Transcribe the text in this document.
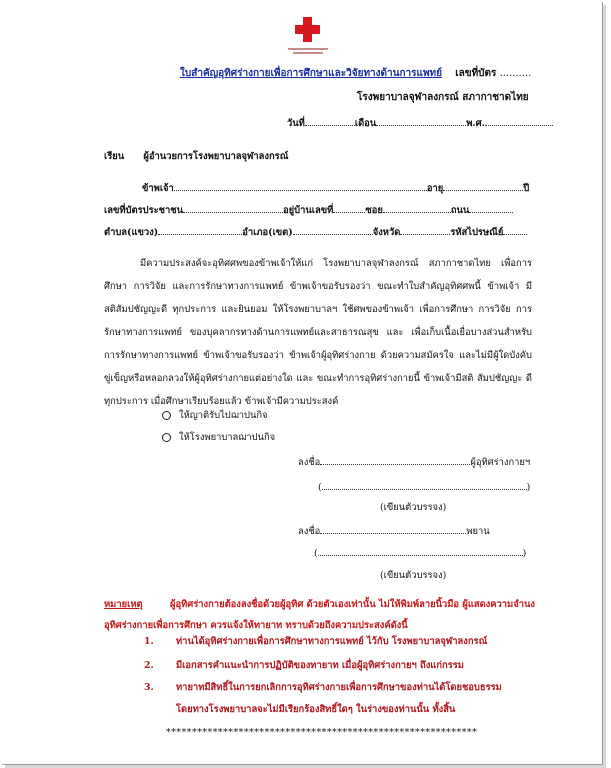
ใบสำคัญอุทิศร่างกายเพื่อการศึกษาและวิจัยทางด้านการแพทย์ เลขที่บัตร ..........
โรงพยาบาลจุฬาลงกรณ์ สภากาชาดไทย
วันที่	เดือน	พ.ศ.
เรียน ผู้อำนวยการโรงพยาบาลจุฬาลงกรณ์
ข้าพเจ้า	อายุ	ปี
เลขที่บัตรประชาชน	อยู่บ้านเลขที่	ซอย	ถนน
ตำบล(แขวง)	อำเภอ(เขต)	จังหวัด	รหัสไปรษณีย์
มีความประสงค์จะอุทิศศพของข้าพเจ้าให้แก่ โรงพยาบาลจุฬาลงกรณ์ สภากาชาดไทย เพื่อการศึกษา การวิจัย และการรักษาทางการแพทย์ ข้าพเจ้าขอรับรองว่า ขณะทำใบสำคัญอุทิศศพนี้ ข้าพเจ้า มีสติสัมปชัญญะดี ทุกประการ และยินยอม ให้โรงพยาบาลฯ ใช้ศพของข้าพเจ้า เพื่อการศึกษา การวิจัย การรักษาทางการแพทย์ ของบุคลากรทางด้านการแพทย์และสาธารณสุข และ เพื่อเก็บเนื้อเยื่อบางส่วนสำหรับการรักษาทางการแพทย์ ข้าพเจ้าขอรับรองว่า ข้าพเจ้าผู้อุทิศร่างกาย ด้วยความสมัครใจ และไม่มีผู้ใดบังคับ ขู่เข็ญหรือหลอกลวงให้ผู้อุทิศร่างกายแต่อย่างใด และ ขณะทำการอุทิศร่างกายนี้ ข้าพเจ้ามีสติ สัมปชัญญะ ดีทุกประการ เมื่อศึกษาเรียบร้อยแล้ว ข้าพเจ้ามีความประสงค์
ให้ญาติรับไปฌาปนกิจ
ให้โรงพยาบาลฌาปนกิจ
ลงชื่อ	ผู้อุทิศร่างกายฯ
(	)
(เขียนตัวบรรจง)
ลงชื่อ	พยาน
(	)
(เขียนตัวบรรจง)
หมายเหตุ	ผู้อุทิศร่างกายต้องลงชื่อด้วยผู้อุทิศ ด้วยตัวเองเท่านั้น ไม่ให้พิมพ์ลายนิ้วมือ ผู้แสดงความจำนงอุทิศร่างกายเพื่อการศึกษา ควรแจ้งให้ทายาท ทราบด้วยถึงความประสงค์ดังนี้
1. ท่านได้อุทิศร่างกายเพื่อการศึกษาทางการแพทย์ ไว้กับ โรงพยาบาลจุฬาลงกรณ์
2. มีเอกสารคำแนะนำการปฏิบัติของทายาท เมื่อผู้อุทิศร่างกายฯ ถึงแก่กรรม
3. ทายาทมีสิทธิ์ในการยกเลิกการอุทิศร่างกายเพื่อการศึกษาของท่านได้โดยชอบธรรม
โดยทางโรงพยาบาลจะไม่มีเรียกร้องสิทธิ์ใดๆ ในร่างของท่านนั้น ทั้งสิ้น
************************************************************
